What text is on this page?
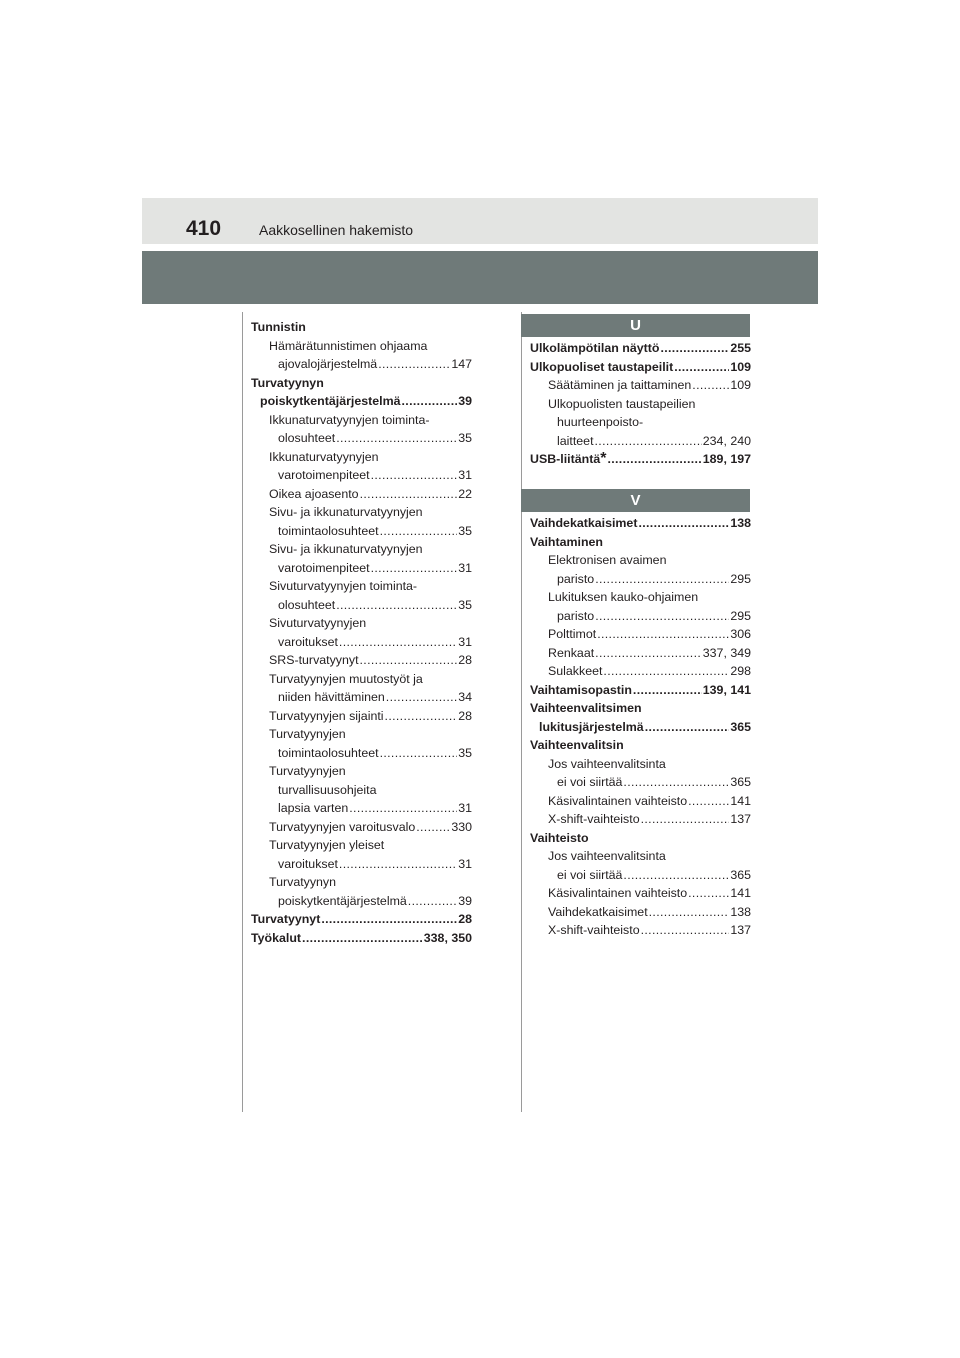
410	Aakkosellinen hakemisto
Tunnistin
Hämärätunnistimen ohjaama
ajovalojärjestelmä . . .	147
Turvatyynyn
poiskytkentäjärjestelmä . . .	39
Ikkunaturvatyynyjen toiminta-
olosuhteet . . .	35
Ikkunaturvatyynyjen
varotoimenpiteet . . .	31
Oikea ajoasento . . .	22
Sivu- ja ikkunaturvatyynyjen
toimintaolosuhteet . . .	35
Sivu- ja ikkunaturvatyynyjen
varotoimenpiteet . . .	31
Sivuturvatyynyjen toiminta-
olosuhteet . . .	35
Sivuturvatyynyjen
varoitukset . . .	31
SRS-turvatyynyt . . .	28
Turvatyynyjen muutostyöt ja
niiden hävittäminen . . .	34
Turvatyynyjen sijainti . . .	28
Turvatyynyjen
toimintaolosuhteet . . .	35
Turvatyynyjen
turvallisuusohjeita
lapsia varten . . .	31
Turvatyynyjen varoitusvalo . . .	330
Turvatyynyjen yleiset
varoitukset . . .	31
Turvatyynyn
poiskytkentäjärjestelmä . . .	39
Turvatyynyt . . .	28
Työkalut . . .	338, 350
U
Ulkolämpötilan näyttö . . .	255
Ulkopuoliset taustapeilit . . .	109
Säätäminen ja taittaminen . . .	109
Ulkopuolisten taustapeilien
huurteenpoisto-
laitteet . . .	234, 240
USB-liitäntä * . . .	189, 197
V
Vaihdekatkaisimet . . .	138
Vaihtaminen
Elektronisen avaimen
paristo . . .	295
Lukituksen kauko-ohjaimen
paristo . . .	295
Polttimot . . .	306
Renkaat . . .	337, 349
Sulakkeet . . .	298
Vaihtamisopastin . . .	139, 141
Vaihteenvalitsimen
lukitusjärjestelmä . . .	365
Vaihteenvalitsin
Jos vaihteenvalitsinta
ei voi siirtää . . .	365
Käsivalintainen vaihteisto . . .	141
X-shift-vaihteisto . . .	137
Vaihteisto
Jos vaihteenvalitsinta
ei voi siirtää . . .	365
Käsivalintainen vaihteisto . . .	141
Vaihdekatkaisimet . . .	138
X-shift-vaihteisto . . .	137
